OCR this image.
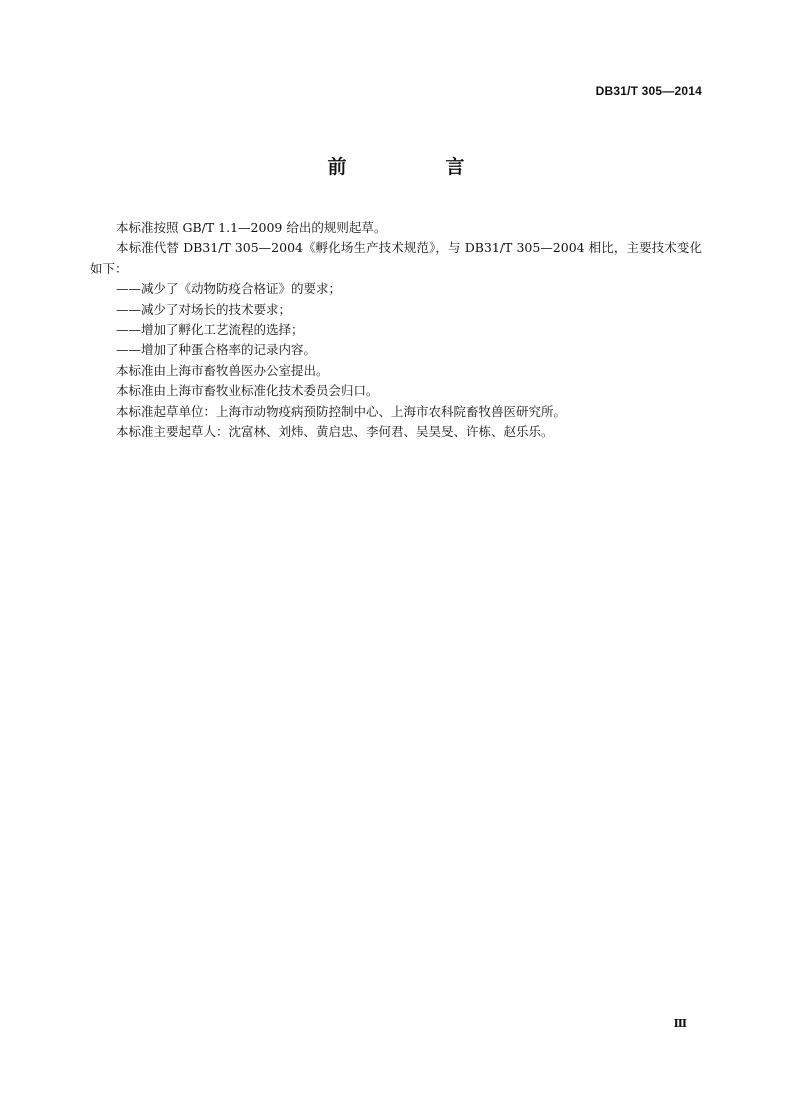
DB31/T 305—2014
前　言

本标准按照 GB/T 1.1—2009 给出的规则起草。

本标准代替 DB31/T 305—2004《孵化场生产技术规范》，与 DB31/T 305—2004 相比，主要技术变化如下：

——减少了《动物防疫合格证》的要求；

——减少了对场长的技术要求；

——增加了孵化工艺流程的选择；

——增加了种蛋合格率的记录内容。

本标准由上海市畜牧兽医办公室提出。

本标准由上海市畜牧业标准化技术委员会归口。

本标准起草单位：上海市动物疫病预防控制中心、上海市农科院畜牧兽医研究所。

本标准主要起草人：沈富林、刘炜、黄启忠、李何君、吴昊旻、许栋、赵乐乐。

Ⅲ
